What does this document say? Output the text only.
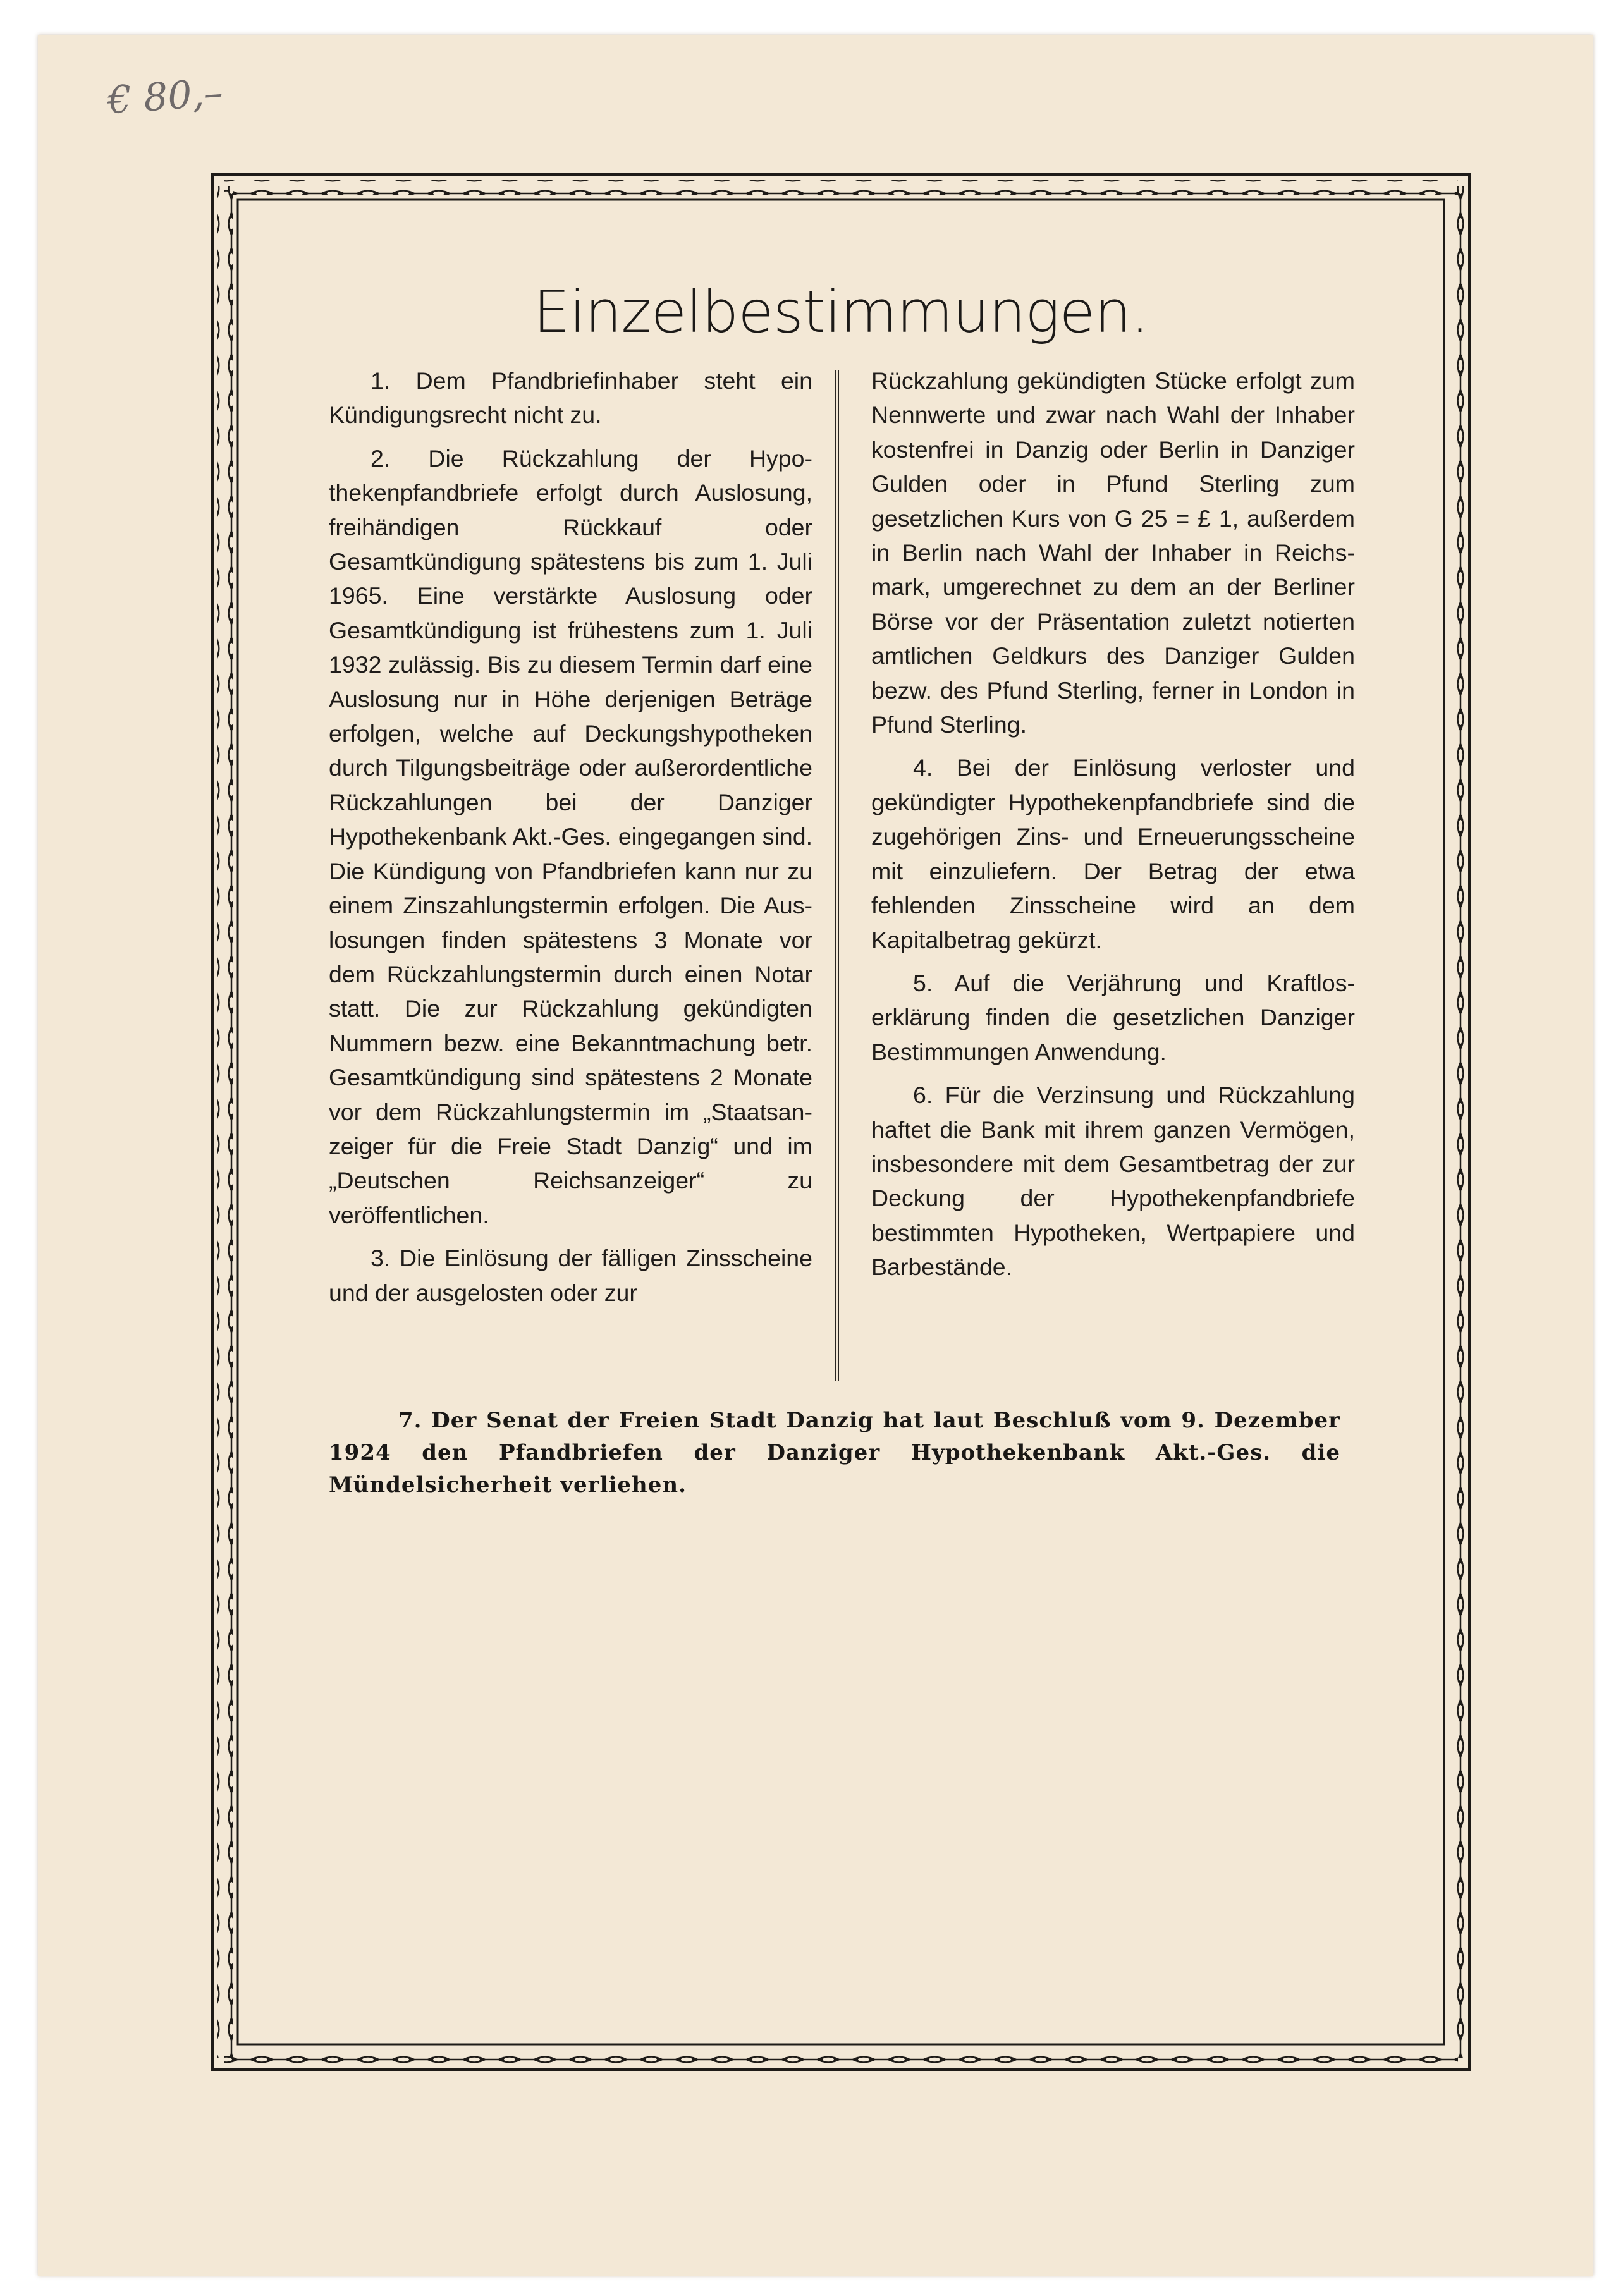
€ 80,–
Einzelbestimmungen.

1. Dem Pfandbriefinhaber steht ein Kündigungsrecht nicht zu.

2. Die Rückzahlung der Hypothekenpfandbriefe erfolgt durch Auslosung, freihändigen Rückkauf oder Gesamtkündigung spätestens bis zum 1. Juli 1965. Eine verstärkte Auslosung oder Gesamtkündigung ist frühestens zum 1. Juli 1932 zulässig. Bis zu diesem Termin darf eine Auslosung nur in Höhe derjenigen Beträge erfolgen, welche auf Deckungshypotheken durch Tilgungsbeiträge oder außerordentliche Rückzahlungen bei der Danziger Hypothekenbank Akt.-Ges. eingegangen sind. Die Kündigung von Pfandbriefen kann nur zu einem Zinszahlungstermin erfolgen. Die Auslosungen finden spätestens 3 Monate vor dem Rückzahlungstermin durch einen Notar statt. Die zur Rückzahlung gekündigten Nummern bezw. eine Bekanntmachung betr. Gesamtkündigung sind spätestens 2 Monate vor dem Rückzahlungstermin im „Staatsanzeiger für die Freie Stadt Danzig“ und im „Deutschen Reichsanzeiger“ zu veröffentlichen.

3. Die Einlösung der fälligen Zinsscheine und der ausgelosten oder zur

Rückzahlung gekündigten Stücke erfolgt zum Nennwerte und zwar nach Wahl der Inhaber kostenfrei in Danzig oder Berlin in Danziger Gulden oder in Pfund Sterling zum gesetzlichen Kurs von G 25 = £ 1, außerdem in Berlin nach Wahl der Inhaber in Reichsmark, umgerechnet zu dem an der Berliner Börse vor der Präsentation zuletzt notierten amtlichen Geldkurs des Danziger Gulden bezw. des Pfund Sterling, ferner in London in Pfund Sterling.

4. Bei der Einlösung verloster und gekündigter Hypothekenpfandbriefe sind die zugehörigen Zins- und Erneuerungsscheine mit einzuliefern. Der Betrag der etwa fehlenden Zinsscheine wird an dem Kapitalbetrag gekürzt.

5. Auf die Verjährung und Kraftloserklärung finden die gesetzlichen Danziger Bestimmungen Anwendung.

6. Für die Verzinsung und Rückzahlung haftet die Bank mit ihrem ganzen Vermögen, insbesondere mit dem Gesamtbetrag der zur Deckung der Hypothekenpfandbriefe bestimmten Hypotheken, Wertpapiere und Barbestände.

7. Der Senat der Freien Stadt Danzig hat laut Beschluß vom 9. Dezember 1924 den Pfandbriefen der Danziger Hypothekenbank Akt.-Ges. die Mündelsicherheit verliehen.
